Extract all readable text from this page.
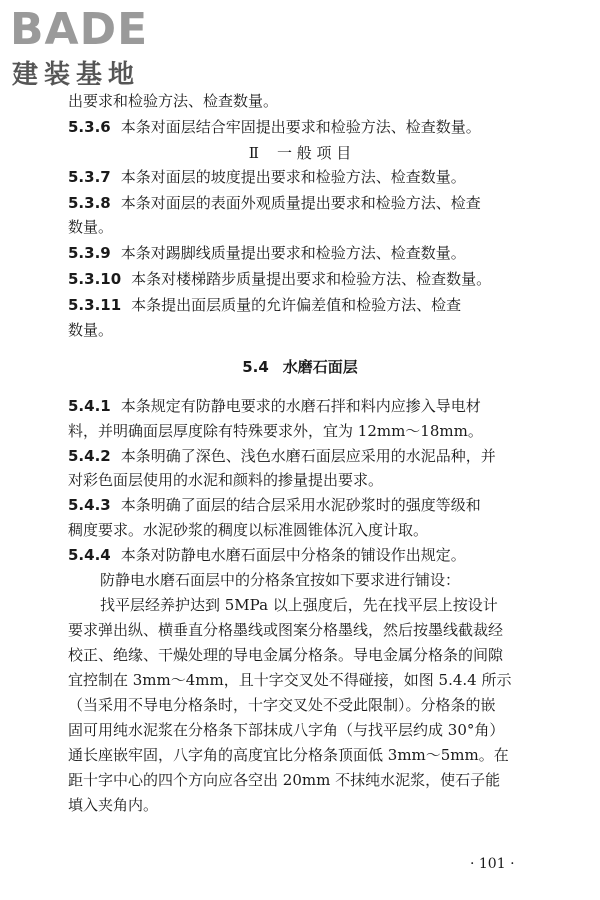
BADE
建装基地
出要求和检验方法、检查数量。
5.3.6 本条对面层结合牢固提出要求和检验方法、检查数量。
Ⅱ 一 般 项 目
5.3.7 本条对面层的坡度提出要求和检验方法、检查数量。
5.3.8 本条对面层的表面外观质量提出要求和检验方法、检查
数量。
5.3.9 本条对踢脚线质量提出要求和检验方法、检查数量。
5.3.10 本条对楼梯踏步质量提出要求和检验方法、检查数量。
5.3.11 本条提出面层质量的允许偏差值和检验方法、检查
数量。
5.4 水磨石面层
5.4.1 本条规定有防静电要求的水磨石拌和料内应掺入导电材
料，并明确面层厚度除有特殊要求外，宜为 12mm～18mm。
5.4.2 本条明确了深色、浅色水磨石面层应采用的水泥品种，并
对彩色面层使用的水泥和颜料的掺量提出要求。
5.4.3 本条明确了面层的结合层采用水泥砂浆时的强度等级和
稠度要求。水泥砂浆的稠度以标准圆锥体沉入度计取。
5.4.4 本条对防静电水磨石面层中分格条的铺设作出规定。
防静电水磨石面层中的分格条宜按如下要求进行铺设：
找平层经养护达到 5MPa 以上强度后，先在找平层上按设计
要求弹出纵、横垂直分格墨线或图案分格墨线，然后按墨线截裁经
校正、绝缘、干燥处理的导电金属分格条。导电金属分格条的间隙
宜控制在 3mm～4mm，且十字交叉处不得碰接，如图 5.4.4 所示
（当采用不导电分格条时，十字交叉处不受此限制）。分格条的嵌
固可用纯水泥浆在分格条下部抹成八字角（与找平层约成 30°角）
通长座嵌牢固，八字角的高度宜比分格条顶面低 3mm～5mm。在
距十字中心的四个方向应各空出 20mm 不抹纯水泥浆，使石子能
填入夹角内。
· 101 ·
